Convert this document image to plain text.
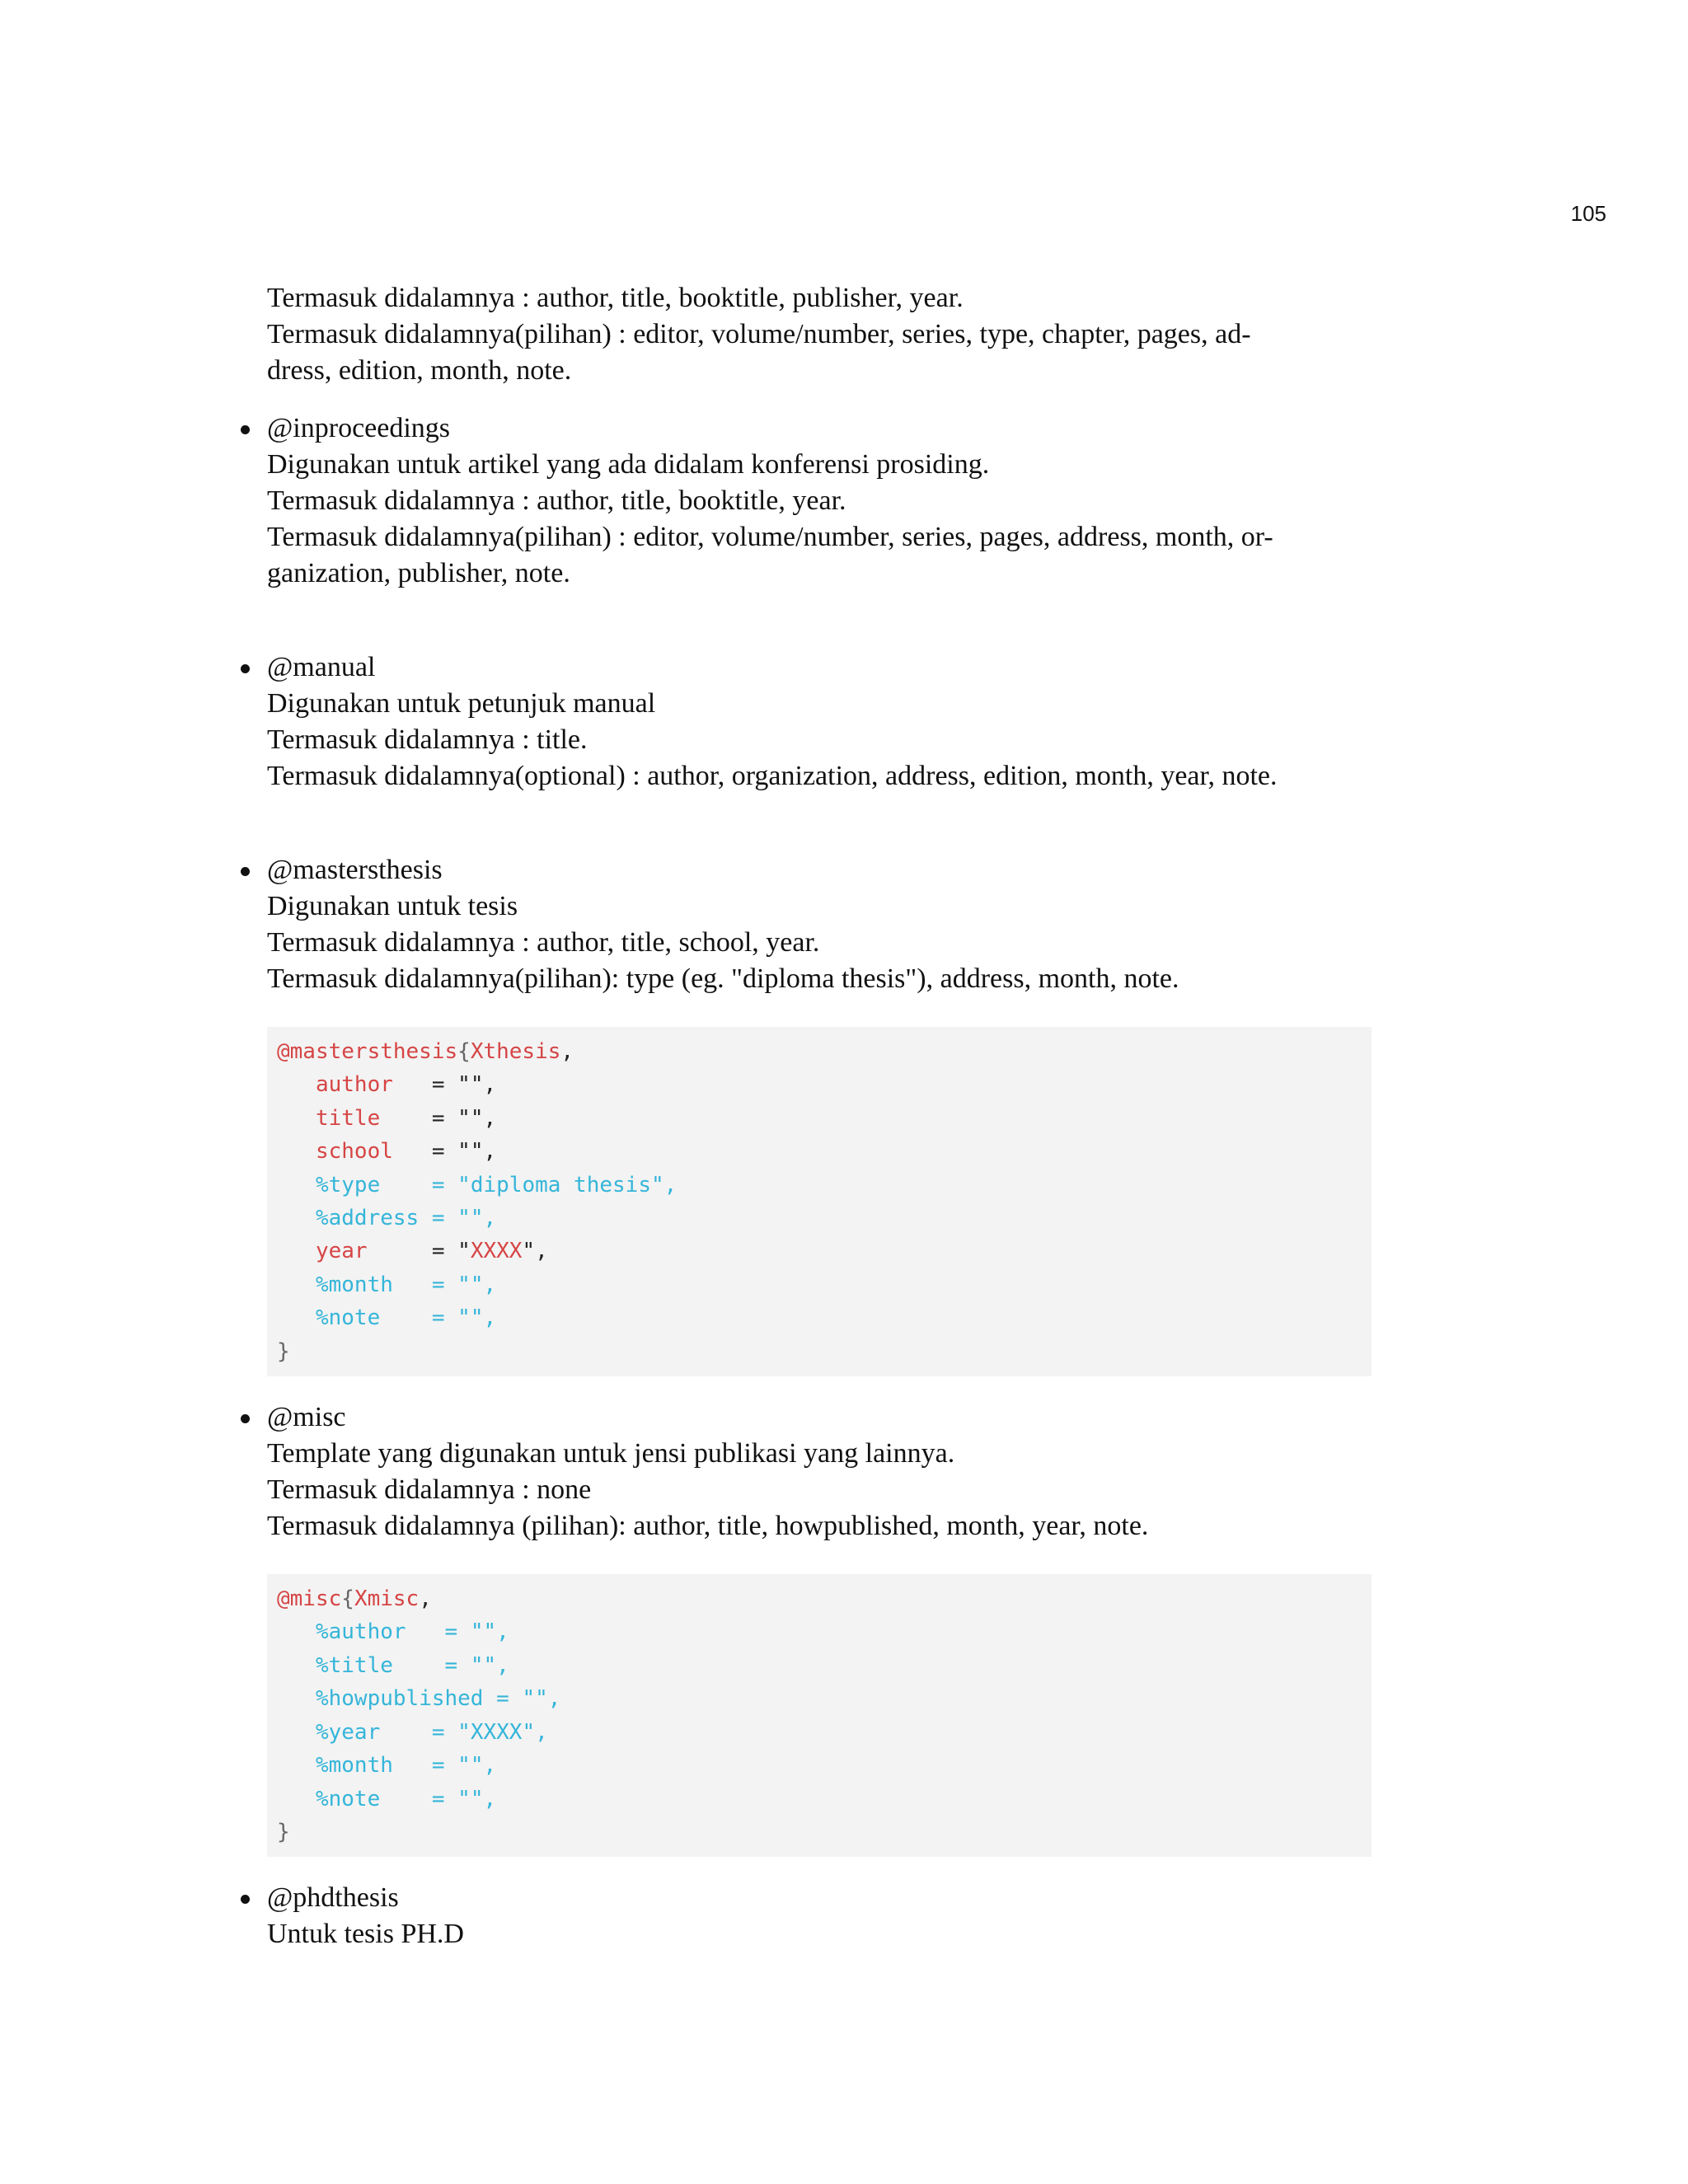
105
Termasuk didalamnya : author, title, booktitle, publisher, year.
Termasuk didalamnya(pilihan) : editor, volume/number, series, type, chapter, pages, ad-
dress, edition, month, note.
@inproceedings
Digunakan untuk artikel yang ada didalam konferensi prosiding.
Termasuk didalamnya : author, title, booktitle, year.
Termasuk didalamnya(pilihan) : editor, volume/number, series, pages, address, month, or-
ganization, publisher, note.
@manual
Digunakan untuk petunjuk manual
Termasuk didalamnya : title.
Termasuk didalamnya(optional) : author, organization, address, edition, month, year, note.
@mastersthesis
Digunakan untuk tesis
Termasuk didalamnya : author, title, school, year.
Termasuk didalamnya(pilihan): type (eg. "diploma thesis"), address, month, note.
@mastersthesis{Xthesis,
author   = "",
title    = "",
school   = "",
%type    = "diploma thesis",
%address = "",
year     = "XXXX",
%month   = "",
%note    = "",
}
@misc
Template yang digunakan untuk jensi publikasi yang lainnya.
Termasuk didalamnya : none
Termasuk didalamnya (pilihan): author, title, howpublished, month, year, note.
@misc{Xmisc,
%author   = "",
%title    = "",
%howpublished = "",
%year    = "XXXX",
%month   = "",
%note    = "",
}
@phdthesis
Untuk tesis PH.D
